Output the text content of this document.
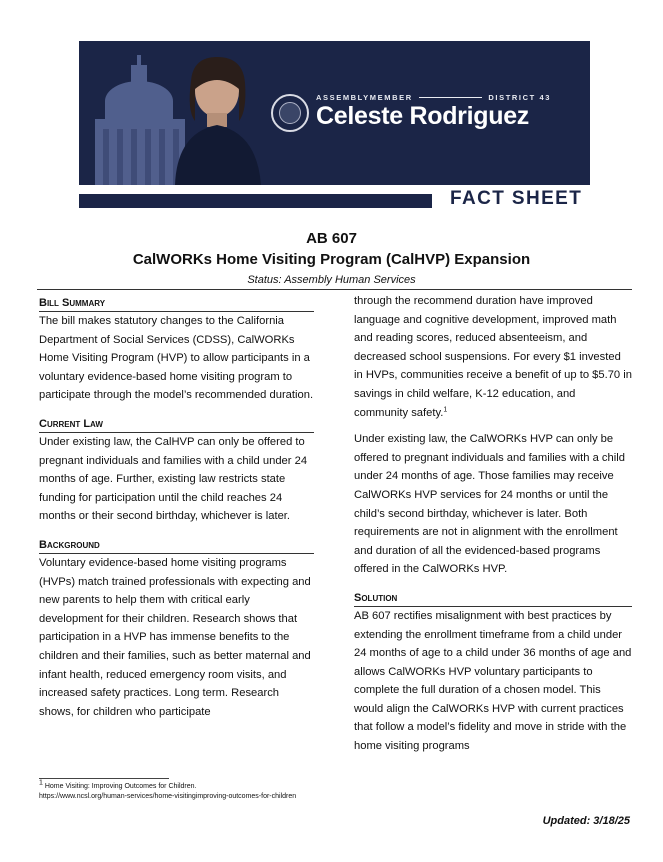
ASSEMBLYMEMBER	DISTRICT 43
Celeste Rodriguez
FACT SHEET
AB 607
CalWORKs Home Visiting Program (CalHVP) Expansion
Status: Assembly Human Services
Bill Summary

The bill makes statutory changes to the California Department of Social Services (CDSS), CalWORKs Home Visiting Program (HVP) to allow participants in a voluntary evidence-based home visiting program to participate through the model’s recommended duration.

Current Law

Under existing law, the CalHVP can only be offered to pregnant individuals and families with a child under 24 months of age. Further, existing law restricts state funding for participation until the child reaches 24 months or their second birthday, whichever is later.

Background

Voluntary evidence-based home visiting programs (HVPs) match trained professionals with expecting and new parents to help them with critical early development for their children. Research shows that participation in a HVP has immense benefits to the children and their families, such as better maternal and infant health, reduced emergency room visits, and increased safety practices. Long term. Research shows, for children who participate

through the recommend duration have improved language and cognitive development, improved math and reading scores, reduced absenteeism, and decreased school suspensions. For every $1 invested in HVPs, communities receive a benefit of up to $5.70 in savings in child welfare, K-12 education, and community safety.$^1$

Under existing law, the CalWORKs HVP can only be offered to pregnant individuals and families with a child under 24 months of age. Those families may receive CalWORKs HVP services for 24 months or until the child’s second birthday, whichever is later. Both requirements are not in alignment with the enrollment and duration of all the evidenced-based programs offered in the CalWORKs HVP.

Solution

AB 607 rectifies misalignment with best practices by extending the enrollment timeframe from a child under 24 months of age to a child under 36 months of age and allows CalWORKs HVP voluntary participants to complete the full duration of a chosen model. This would align the CalWORKs HVP with current practices that follow a model’s fidelity and move in stride with the home visiting programs

$^1$ Home Visiting: Improving Outcomes for Children.
https://www.ncsl.org/human-services/home-visitingimproving-outcomes-for-children
Updated: 3/18/25
